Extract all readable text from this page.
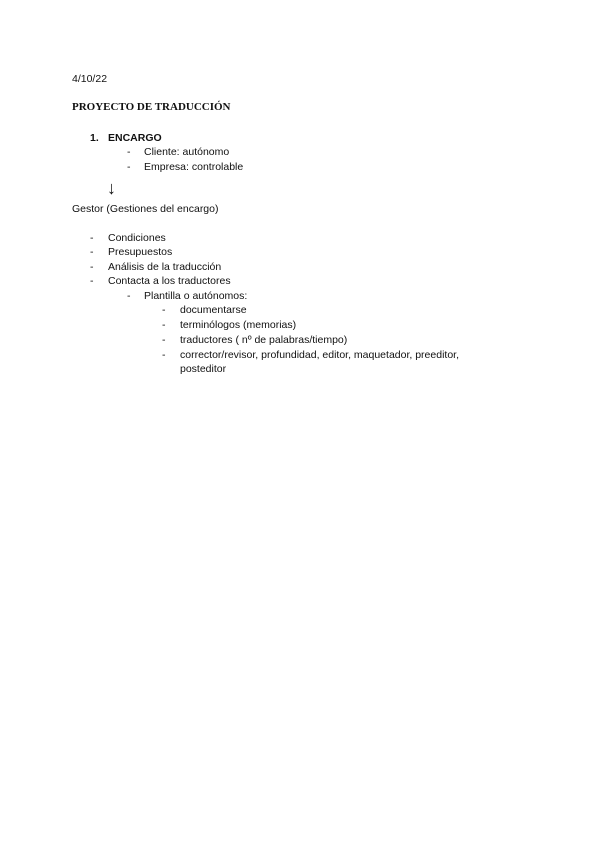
4/10/22
PROYECTO DE TRADUCCIÓN
1. ENCARGO
-	Cliente: autónomo
-	Empresa: controlable
↓
Gestor (Gestiones del encargo)
-	Condiciones
-	Presupuestos
-	Análisis de la traducción
-	Contacta a los traductores
-	Plantilla o autónomos:
-	documentarse
-	terminólogos (memorias)
-	traductores ( nº de palabras/tiempo)
-	corrector/revisor, profundidad, editor, maquetador, preeditor,
posteditor
